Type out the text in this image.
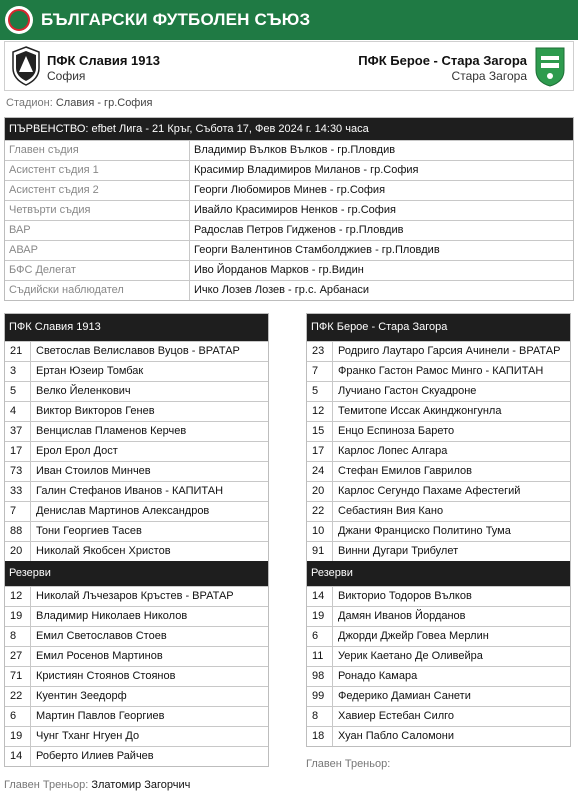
БЪЛГАРСКИ ФУТБОЛЕН СЪЮЗ
ПФК Славия 1913
София
ПФК Берое - Стара Загора
Стара Загора
Стадион: Славия - гр.София
ПЪРВЕНСТВО: efbet Лига - 21 Кръг, Събота 17, Фев 2024 г. 14:30 часа
Главен съдия	Владимир Вълков Вълков - гр.Пловдив
Асистент съдия 1	Красимир Владимиров Миланов - гр.София
Асистент съдия 2	Георги Любомиров Минев - гр.София
Четвърти съдия	Ивайло Красимиров Ненков - гр.София
ВАР	Радослав Петров Гидженов - гр.Пловдив
АВАР	Георги Валентинов Стамболджиев - гр.Пловдив
БФС Делегат	Иво Йорданов Марков - гр.Видин
Съдийски наблюдател	Ичко Лозев Лозев - гр.с. Арбанаси
ПФК Славия 1913
21	Светослав Велиславов Вуцов - ВРАТАР
3	Ертан Юзеир Томбак
5	Велко Йеленкович
4	Виктор Викторов Генев
37	Венцислав Пламенов Керчев
17	Ерол Ерол Дост
73	Иван Стоилов Минчев
33	Галин Стефанов Иванов - КАПИТАН
7	Денислав Мартинов Александров
88	Тони Георгиев Тасев
20	Николай Якобсен Христов
Резерви
12	Николай Лъчезаров Кръстев - ВРАТАР
19	Владимир Николаев Николов
8	Емил Светославов Стоев
27	Емил Росенов Мартинов
71	Кристиян Стоянов Стоянов
22	Куентин Зеедорф
6	Мартин Павлов Георгиев
19	Чунг Тханг Нгуен До
14	Роберто Илиев Райчев
ПФК Берое - Стара Загора
23	Родриго Лаутаро Гарсия Ачинели - ВРАТАР
7	Франко Гастон Рамос Минго - КАПИТАН
5	Лучиано Гастон Скуадроне
12	Темитопе Иссак Акинджонгунла
15	Енцо Еспиноза Барето
17	Карлос Лопес Алгара
24	Стефан Емилов Гаврилов
20	Карлос Сегундо Пахаме Афестегий
22	Себастиян Вия Кано
10	Джани Франциско Политино Тума
91	Винни Дугари Трибулет
Резерви
14	Викторио Тодоров Вълков
19	Дамян Иванов Йорданов
6	Джорди Джейр Говеа Мерлин
11	Уерик Каетано Де Оливейра
98	Ронадо Камара
99	Федерико Дамиан Санети
8	Хавиер Естебан Силго
18	Хуан Пабло Саломони
Главен Треньор: Златомир Загорчич
Главен Треньор:
